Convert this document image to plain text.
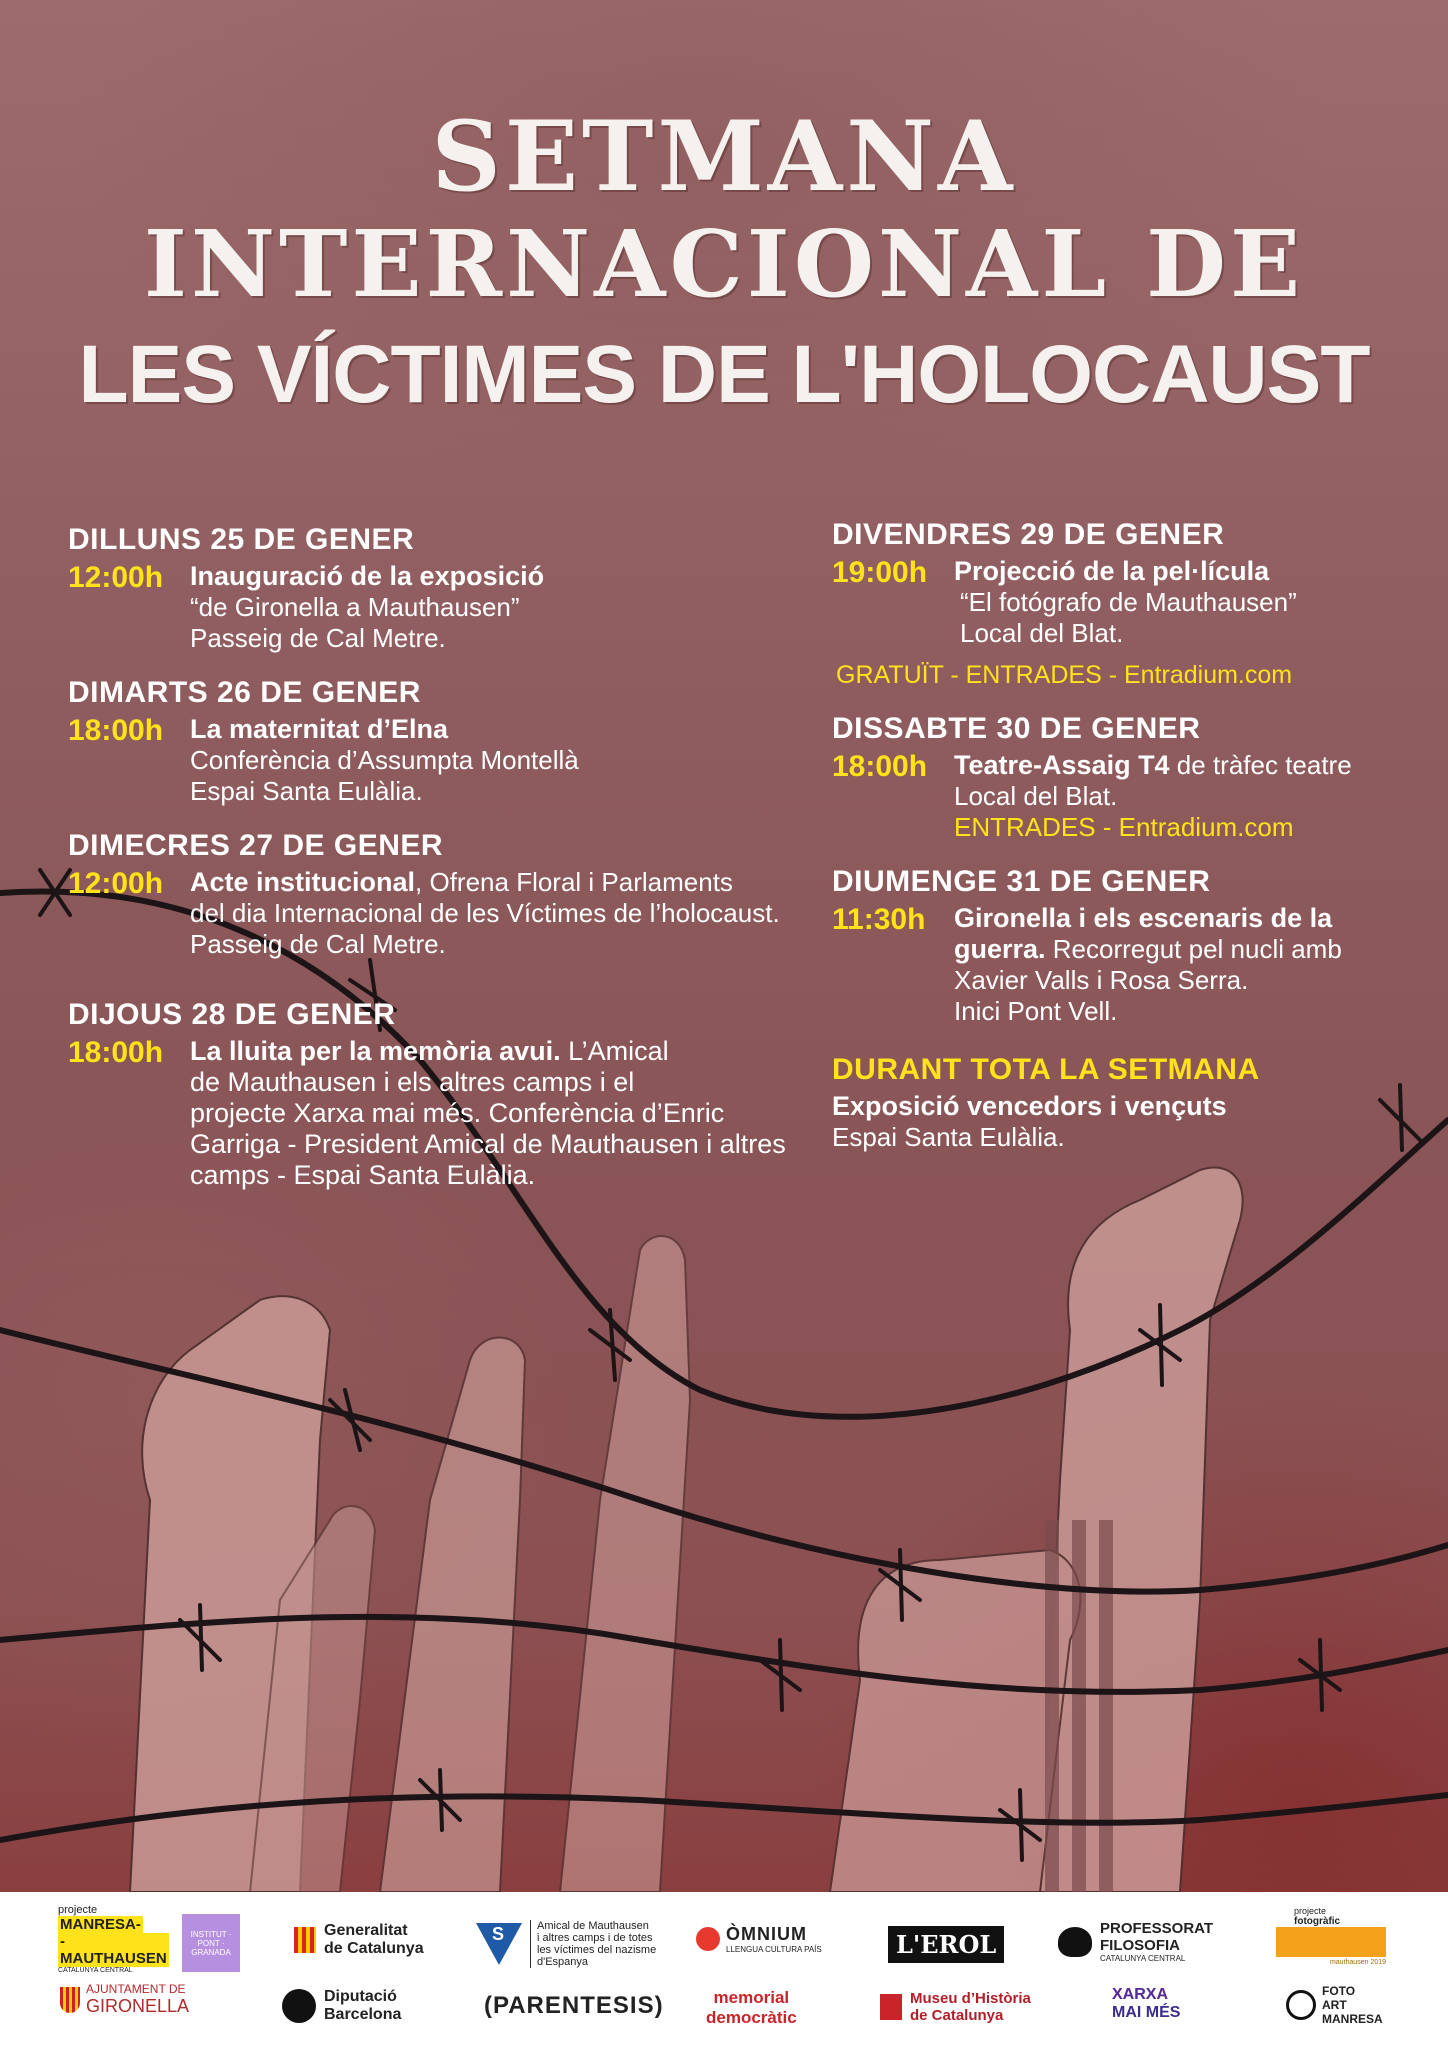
SETMANA
INTERNACIONAL DE
LES VÍCTIMES DE L'HOLOCAUST
DILLUNS 25 DE GENER
12:00h Inauguració de la exposició
“de Gironella a Mauthausen”
Passeig de Cal Metre.
DIMARTS 26 DE GENER
18:00h La maternitat d’Elna
Conferència d’Assumpta Montellà
Espai Santa Eulàlia.
DIMECRES 27 DE GENER
12:00h Acte institucional, Ofrena Floral i Parlaments
del dia Internacional de les Víctimes de l’holocaust.
Passeig de Cal Metre.
DIJOUS 28 DE GENER
18:00h La lluita per la memòria avui. L’Amical
de Mauthausen i els altres camps i el
projecte Xarxa mai més. Conferència d’Enric
Garriga - President Amical de Mauthausen i altres
camps - Espai Santa Eulàlia.
DIVENDRES 29 DE GENER
19:00h Projecció de la pel·lícula
“El fotógrafo de Mauthausen”
Local del Blat.
GRATUÏT - ENTRADES - Entradium.com
DISSABTE 30 DE GENER
18:00h Teatre-Assaig T4 de tràfec teatre
Local del Blat.
ENTRADES - Entradium.com
DIUMENGE 31 DE GENER
11:30h	Gironella i els escenaris de la
guerra. Recorregut pel nucli amb
Xavier Valls i Rosa Serra.
Inici Pont Vell.
DURANT TOTA LA SETMANA
Exposició vencedors i vençuts
Espai Santa Eulàlia.
projecte
MANRESA-
-MAUTHAUSEN
CATALUNYA CENTRAL
INSTITUT · PONT · GRANADA
Generalitat
de Catalunya
S	Amical de Mauthausen
i altres camps i de totes
les víctimes del nazisme
d'Espanya
ÒMNIUM
LLENGUA CULTURA PAÍS	L'EROL
PROFESSORAT
FILOSOFIA
CATALUNYA CENTRAL
projecte
fotogràfic
mauthausen 2019
AJUNTAMENT DE
GIRONELLA	Diputació
Barcelona	( PARENTESIS )	memorial
democràtic
Museu d’Història
de Catalunya
XARXA
MAI MÉS
FOTO
ART
MANRESA
